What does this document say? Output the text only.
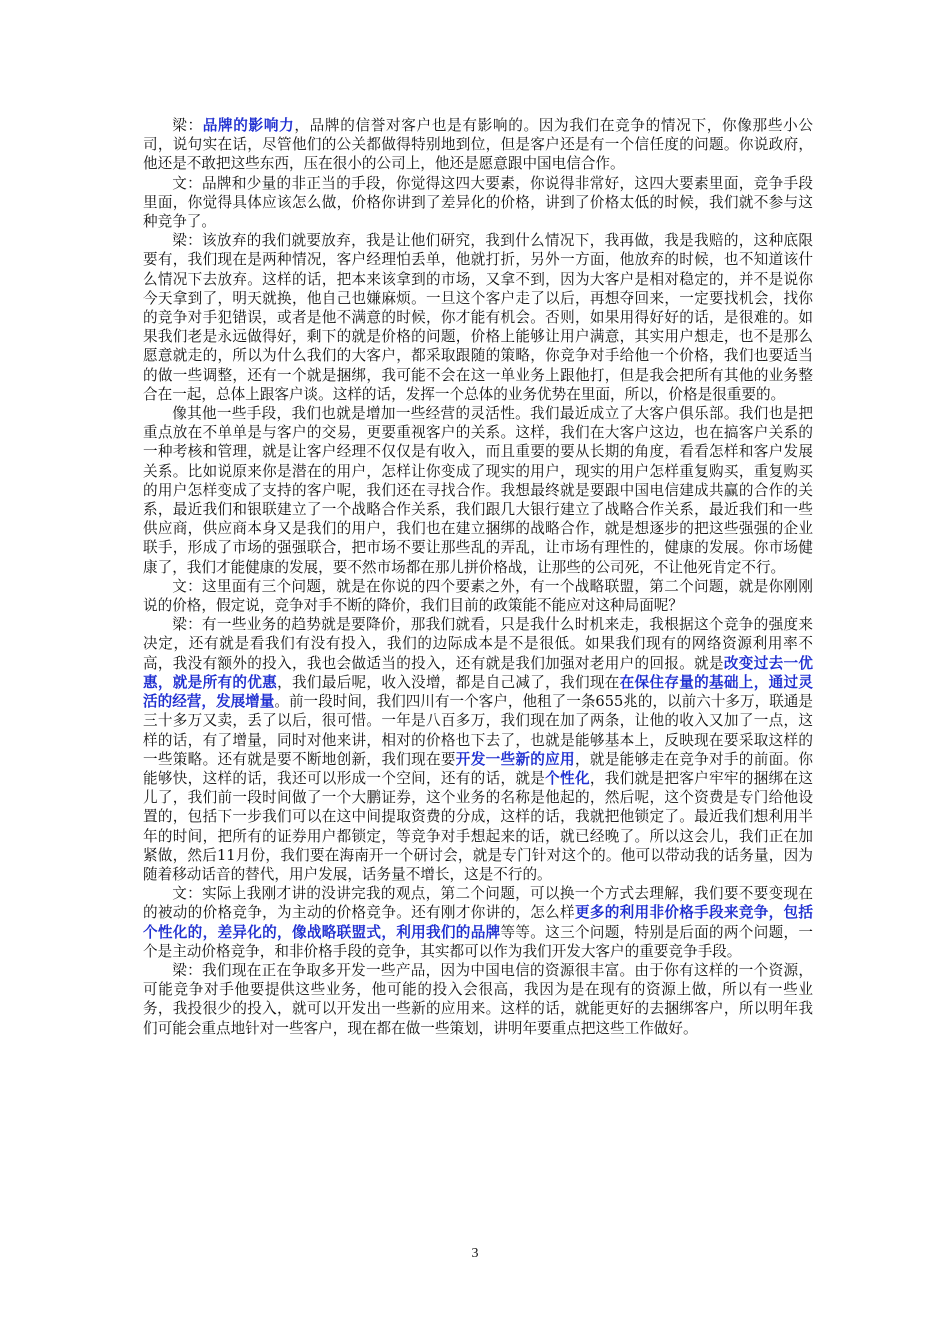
梁：品牌的影响力，品牌的信誉对客户也是有影响的。因为我们在竞争的情况下，你像那些小公司，说句实在话，尽管他们的公关都做得特别地到位，但是客户还是有一个信任度的问题。你说政府，他还是不敢把这些东西，压在很小的公司上，他还是愿意跟中国电信合作。

文：品牌和少量的非正当的手段，你觉得这四大要素，你说得非常好，这四大要素里面，竞争手段里面，你觉得具体应该怎么做，价格你讲到了差异化的价格，讲到了价格太低的时候，我们就不参与这种竞争了。

梁：该放弃的我们就要放弃，我是让他们研究，我到什么情况下，我再做，我是我赔的，这种底限要有，我们现在是两种情况，客户经理怕丢单，他就打折，另外一方面，他放弃的时候，也不知道该什么情况下去放弃。这样的话，把本来该拿到的市场，又拿不到，因为大客户是相对稳定的，并不是说你今天拿到了，明天就换，他自己也嫌麻烦。一旦这个客户走了以后，再想夺回来，一定要找机会，找你的竞争对手犯错误，或者是他不满意的时候，你才能有机会。否则，如果用得好好的话，是很难的。如果我们老是永远做得好，剩下的就是价格的问题，价格上能够让用户满意，其实用户想走，也不是那么愿意就走的，所以为什么我们的大客户，都采取跟随的策略，你竞争对手给他一个价格，我们也要适当的做一些调整，还有一个就是捆绑，我可能不会在这一单业务上跟他打，但是我会把所有其他的业务整合在一起，总体上跟客户谈。这样的话，发挥一个总体的业务优势在里面，所以，价格是很重要的。

像其他一些手段，我们也就是增加一些经营的灵活性。我们最近成立了大客户俱乐部。我们也是把重点放在不单单是与客户的交易，更要重视客户的关系。这样，我们在大客户这边，也在搞客户关系的一种考核和管理，就是让客户经理不仅仅是有收入，而且重要的要从长期的角度，看看怎样和客户发展关系。比如说原来你是潜在的用户，怎样让你变成了现实的用户，现实的用户怎样重复购买，重复购买的用户怎样变成了支持的客户呢，我们还在寻找合作。我想最终就是要跟中国电信建成共赢的合作的关系，最近我们和银联建立了一个战略合作关系，我们跟几大银行建立了战略合作关系，最近我们和一些供应商，供应商本身又是我们的用户，我们也在建立捆绑的战略合作，就是想逐步的把这些强强的企业联手，形成了市场的强强联合，把市场不要让那些乱的弄乱，让市场有理性的，健康的发展。你市场健康了，我们才能健康的发展，要不然市场都在那儿拼价格战，让那些的公司死，不让他死肯定不行。

文：这里面有三个问题，就是在你说的四个要素之外，有一个战略联盟，第二个问题，就是你刚刚说的价格，假定说，竞争对手不断的降价，我们目前的政策能不能应对这种局面呢？

梁：有一些业务的趋势就是要降价，那我们就看，只是我什么时机来走，我根据这个竞争的强度来决定，还有就是看我们有没有投入，我们的边际成本是不是很低。如果我们现有的网络资源利用率不高，我没有额外的投入，我也会做适当的投入，还有就是我们加强对老用户的回报。就是改变过去一优惠，就是所有的优惠，我们最后呢，收入没增，都是自己减了，我们现在在保住存量的基础上，通过灵活的经营，发展增量。前一段时间，我们四川有一个客户，他租了一条655兆的，以前六十多万，联通是三十多万又卖，丢了以后，很可惜。一年是八百多万，我们现在加了两条，让他的收入又加了一点，这样的话，有了增量，同时对他来讲，相对的价格也下去了，也就是能够基本上，反映现在要采取这样的一些策略。还有就是要不断地创新，我们现在要开发一些新的应用，就是能够走在竞争对手的前面。你能够快，这样的话，我还可以形成一个空间，还有的话，就是个性化，我们就是把客户牢牢的捆绑在这儿了，我们前一段时间做了一个大鹏证券，这个业务的名称是他起的，然后呢，这个资费是专门给他设置的，包括下一步我们可以在这中间提取资费的分成，这样的话，我就把他锁定了。最近我们想利用半年的时间，把所有的证券用户都锁定，等竞争对手想起来的话，就已经晚了。所以这会儿，我们正在加紧做，然后11月份，我们要在海南开一个研讨会，就是专门针对这个的。他可以带动我的话务量，因为随着移动话音的替代，用户发展，话务量不增长，这是不行的。

文：实际上我刚才讲的没讲完我的观点，第二个问题，可以换一个方式去理解，我们要不要变现在的被动的价格竞争，为主动的价格竞争。还有刚才你讲的，怎么样更多的利用非价格手段来竞争，包括个性化的，差异化的，像战略联盟式，利用我们的品牌等等。这三个问题，特别是后面的两个问题，一个是主动价格竞争，和非价格手段的竞争，其实都可以作为我们开发大客户的重要竞争手段。

梁：我们现在正在争取多开发一些产品，因为中国电信的资源很丰富。由于你有这样的一个资源，可能竞争对手他要提供这些业务，他可能的投入会很高，我因为是在现有的资源上做，所以有一些业务，我投很少的投入，就可以开发出一些新的应用来。这样的话，就能更好的去捆绑客户，所以明年我们可能会重点地针对一些客户，现在都在做一些策划，讲明年要重点把这些工作做好。

3
